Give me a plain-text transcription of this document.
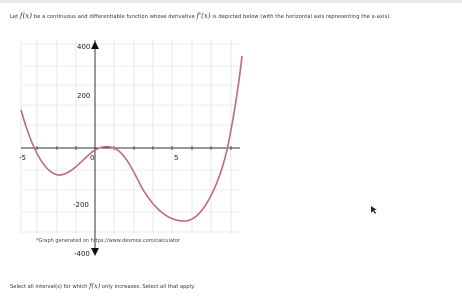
Let f(x) be a continuous and differentiable function whose derivative f'(x) is depicted below (with the horizontal axis representing the x-axis).
400
200
-200
-400
-5	0	5
*Graph generated on https://www.desmos.com/calculator
Select all interval(s) for which f(x) only increases. Select all that apply.
